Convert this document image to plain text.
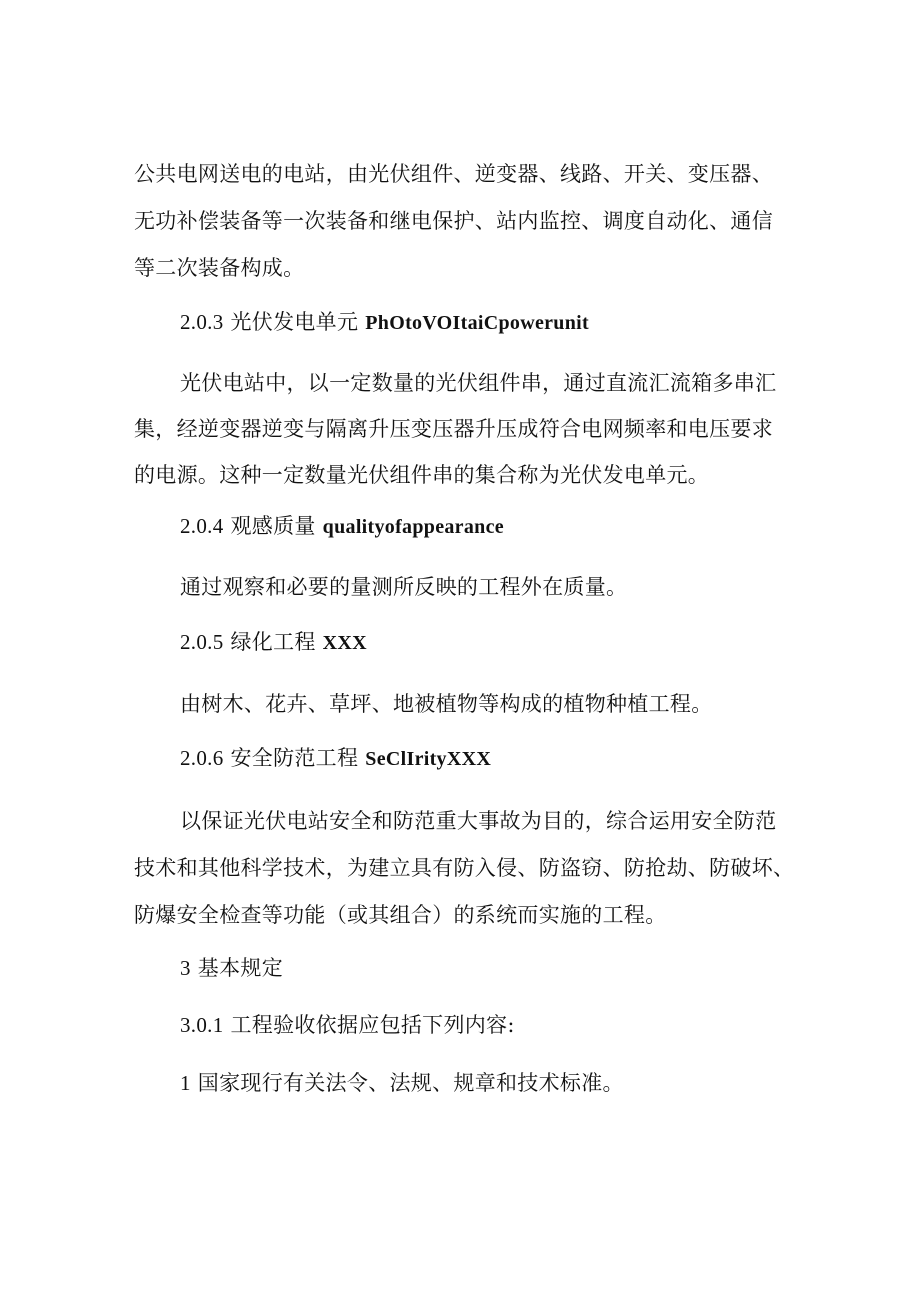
公共电网送电的电站，由光伏组件、逆变器、线路、开关、变压器、
无功补偿装备等一次装备和继电保护、站内监控、调度自动化、通信
等二次装备构成。
2.0.3 光伏发电单元 PhOtoVOItaiCpowerunit
光伏电站中，以一定数量的光伏组件串，通过直流汇流箱多串汇
集，经逆变器逆变与隔离升压变压器升压成符合电网频率和电压要求
的电源。这种一定数量光伏组件串的集合称为光伏发电单元。
2.0.4 观感质量 qualityofappearance
通过观察和必要的量测所反映的工程外在质量。
2.0.5 绿化工程 XXX
由树木、花卉、草坪、地被植物等构成的植物种植工程。
2.0.6 安全防范工程 SeClIrityXXX
以保证光伏电站安全和防范重大事故为目的，综合运用安全防范
技术和其他科学技术，为建立具有防入侵、防盗窃、防抢劫、防破坏、
防爆安全检查等功能（或其组合）的系统而实施的工程。
3 基本规定
3.0.1 工程验收依据应包括下列内容:
1 国家现行有关法令、法规、规章和技术标准。
